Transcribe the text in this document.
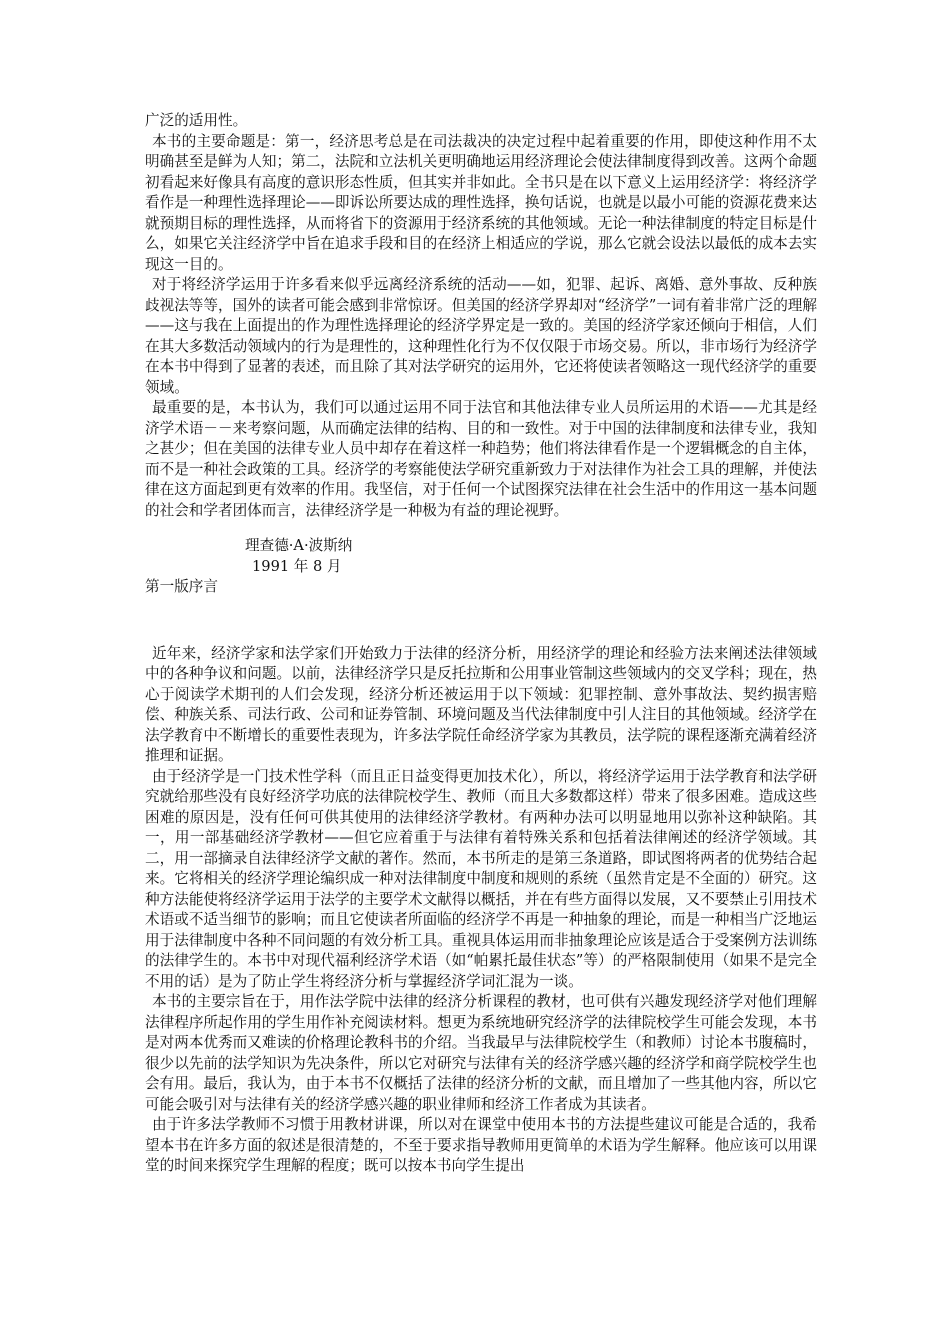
广泛的适用性。

本书的主要命题是：第一，经济思考总是在司法裁决的决定过程中起着重要的作用，即使这种作用不太明确甚至是鲜为人知；第二，法院和立法机关更明确地运用经济理论会使法律制度得到改善。这两个命题初看起来好像具有高度的意识形态性质，但其实并非如此。全书只是在以下意义上运用经济学：将经济学看作是一种理性选择理论——即诉讼所要达成的理性选择，换句话说，也就是以最小可能的资源花费来达就预期目标的理性选择，从而将省下的资源用于经济系统的其他领域。无论一种法律制度的特定目标是什么，如果它关注经济学中旨在追求手段和目的在经济上相适应的学说，那么它就会设法以最低的成本去实现这一目的。

对于将经济学运用于许多看来似乎远离经济系统的活动——如，犯罪、起诉、离婚、意外事故、反种族歧视法等等，国外的读者可能会感到非常惊讶。但美国的经济学界却对“经济学”一词有着非常广泛的理解——这与我在上面提出的作为理性选择理论的经济学界定是一致的。美国的经济学家还倾向于相信，人们在其大多数活动领域内的行为是理性的，这种理性化行为不仅仅限于市场交易。所以，非市场行为经济学在本书中得到了显著的表述，而且除了其对法学研究的运用外，它还将使读者领略这一现代经济学的重要领域。

最重要的是，本书认为，我们可以通过运用不同于法官和其他法律专业人员所运用的术语——尤其是经济学术语－－来考察问题，从而确定法律的结构、目的和一致性。对于中国的法律制度和法律专业，我知之甚少；但在美国的法律专业人员中却存在着这样一种趋势；他们将法律看作是一个逻辑概念的自主体，而不是一种社会政策的工具。经济学的考察能使法学研究重新致力于对法律作为社会工具的理解，并使法律在这方面起到更有效率的作用。我坚信，对于任何一个试图探究法律在社会生活中的作用这一基本问题的社会和学者团体而言，法律经济学是一种极为有益的理论视野。

理查德·A·波斯纳

1991 年 8 月

第一版序言

近年来，经济学家和法学家们开始致力于法律的经济分析，用经济学的理论和经验方法来阐述法律领域中的各种争议和问题。以前，法律经济学只是反托拉斯和公用事业管制这些领域内的交叉学科；现在，热心于阅读学术期刊的人们会发现，经济分析还被运用于以下领域：犯罪控制、意外事故法、契约损害赔偿、种族关系、司法行政、公司和证券管制、环境问题及当代法律制度中引人注目的其他领域。经济学在法学教育中不断增长的重要性表现为，许多法学院任命经济学家为其教员，法学院的课程逐渐充满着经济推理和证据。

由于经济学是一门技术性学科（而且正日益变得更加技术化），所以，将经济学运用于法学教育和法学研究就给那些没有良好经济学功底的法律院校学生、教师（而且大多数都这样）带来了很多困难。造成这些困难的原因是，没有任何可供其使用的法律经济学教材。有两种办法可以明显地用以弥补这种缺陷。其一，用一部基础经济学教材——但它应着重于与法律有着特殊关系和包括着法律阐述的经济学领域。其二，用一部摘录自法律经济学文献的著作。然而，本书所走的是第三条道路，即试图将两者的优势结合起来。它将相关的经济学理论编织成一种对法律制度中制度和规则的系统（虽然肯定是不全面的）研究。这种方法能使将经济学运用于法学的主要学术文献得以概括，并在有些方面得以发展，又不要禁止引用技术术语或不适当细节的影响；而且它使读者所面临的经济学不再是一种抽象的理论，而是一种相当广泛地运用于法律制度中各种不同问题的有效分析工具。重视具体运用而非抽象理论应该是适合于受案例方法训练的法律学生的。本书中对现代福利经济学术语（如“帕累托最佳状态”等）的严格限制使用（如果不是完全不用的话）是为了防止学生将经济分析与掌握经济学词汇混为一谈。

本书的主要宗旨在于，用作法学院中法律的经济分析课程的教材，也可供有兴趣发现经济学对他们理解法律程序所起作用的学生用作补充阅读材料。想更为系统地研究经济学的法律院校学生可能会发现，本书是对两本优秀而又难读的价格理论教科书的介绍。当我最早与法律院校学生（和教师）讨论本书腹稿时，很少以先前的法学知识为先决条件，所以它对研究与法律有关的经济学感兴趣的经济学和商学院校学生也会有用。最后，我认为，由于本书不仅概括了法律的经济分析的文献，而且增加了一些其他内容，所以它可能会吸引对与法律有关的经济学感兴趣的职业律师和经济工作者成为其读者。

由于许多法学教师不习惯于用教材讲课，所以对在课堂中使用本书的方法提些建议可能是合适的，我希望本书在许多方面的叙述是很清楚的，不至于要求指导教师用更简单的术语为学生解释。他应该可以用课堂的时间来探究学生理解的程度；既可以按本书向学生提出
